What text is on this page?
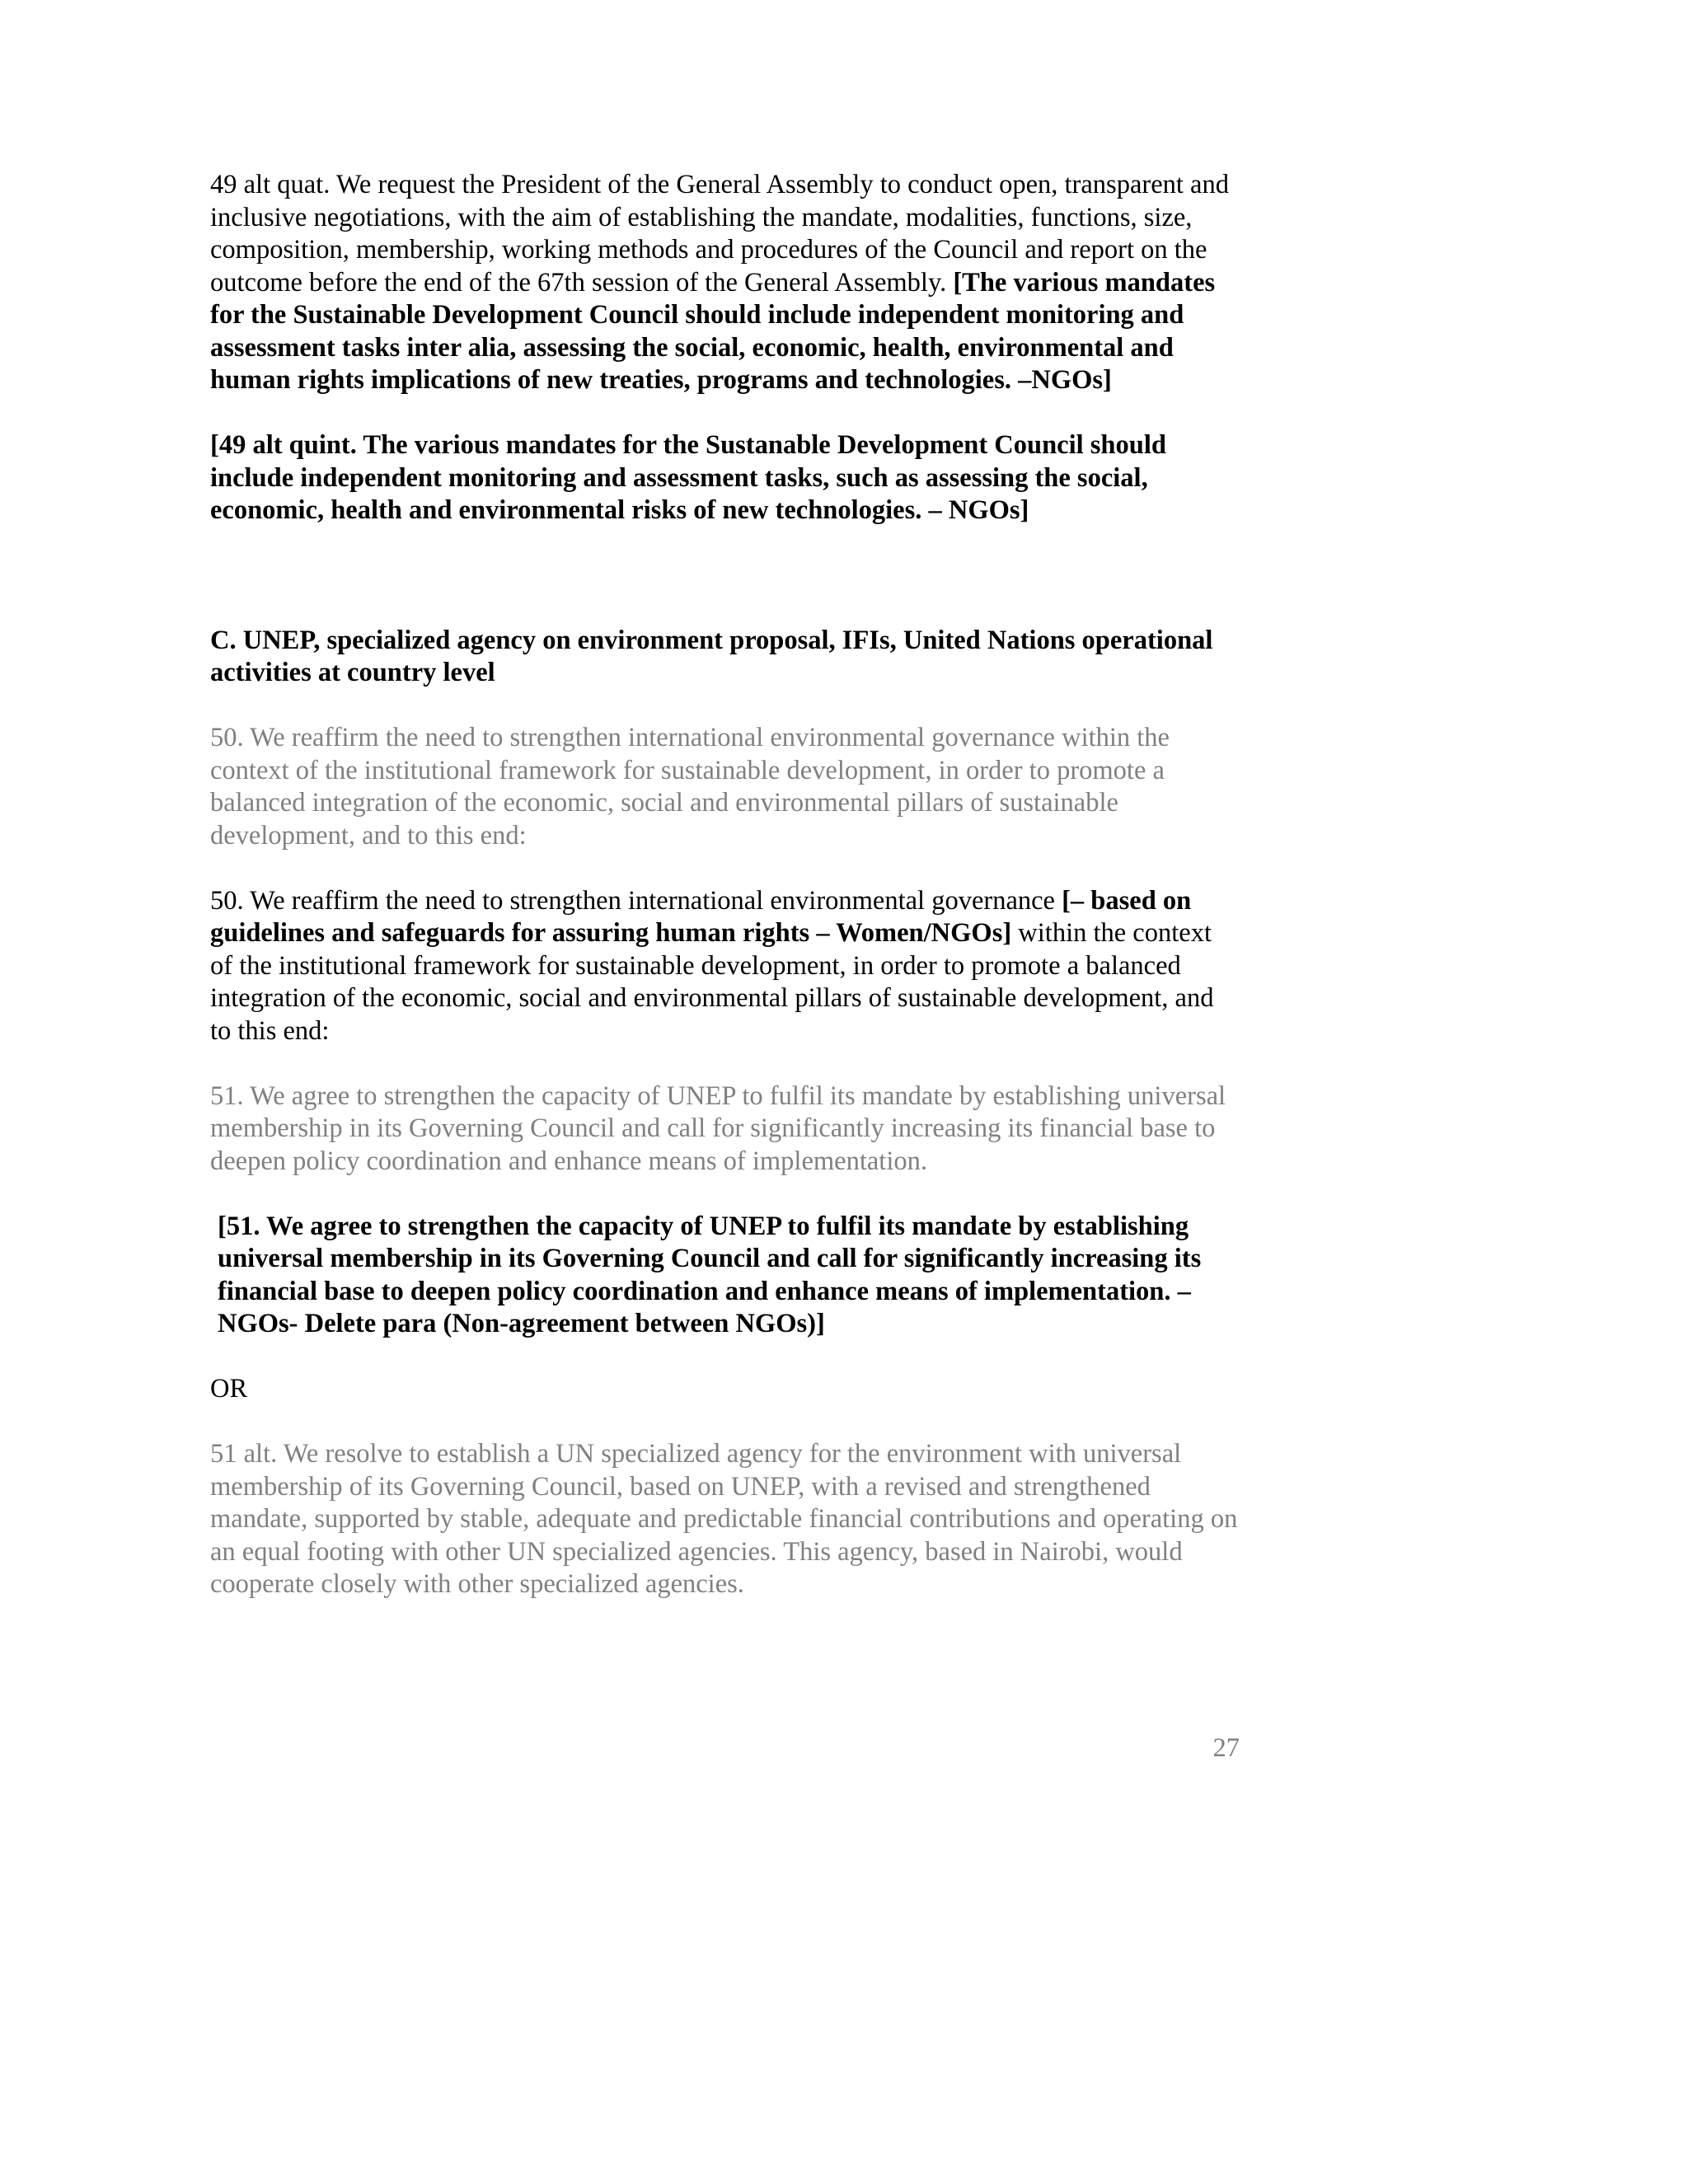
49 alt quat. We request the President of the General Assembly to conduct open, transparent and inclusive negotiations, with the aim of establishing the mandate, modalities, functions, size, composition, membership, working methods and procedures of the Council and report on the outcome before the end of the 67th session of the General Assembly. [The various mandates for the Sustainable Development Council should include independent monitoring and assessment tasks inter alia, assessing the social, economic, health, environmental and human rights implications of new treaties, programs and technologies. –NGOs]

[49 alt quint. The various mandates for the Sustanable Development Council should include independent monitoring and assessment tasks, such as assessing the social, economic, health and environmental risks of new technologies. – NGOs]

C. UNEP, specialized agency on environment proposal, IFIs, United Nations operational activities at country level

50. We reaffirm the need to strengthen international environmental governance within the context of the institutional framework for sustainable development, in order to promote a balanced integration of the economic, social and environmental pillars of sustainable development, and to this end:

50. We reaffirm the need to strengthen international environmental governance [– based on guidelines and safeguards for assuring human rights – Women/NGOs] within the context of the institutional framework for sustainable development, in order to promote a balanced integration of the economic, social and environmental pillars of sustainable development, and to this end:

51. We agree to strengthen the capacity of UNEP to fulfil its mandate by establishing universal membership in its Governing Council and call for significantly increasing its financial base to deepen policy coordination and enhance means of implementation.

[51. We agree to strengthen the capacity of UNEP to fulfil its mandate by establishing universal membership in its Governing Council and call for significantly increasing its financial base to deepen policy coordination and enhance means of implementation. – NGOs- Delete para (Non-agreement between NGOs)]

OR

51 alt. We resolve to establish a UN specialized agency for the environment with universal membership of its Governing Council, based on UNEP, with a revised and strengthened mandate, supported by stable, adequate and predictable financial contributions and operating on an equal footing with other UN specialized agencies. This agency, based in Nairobi, would cooperate closely with other specialized agencies.

27
